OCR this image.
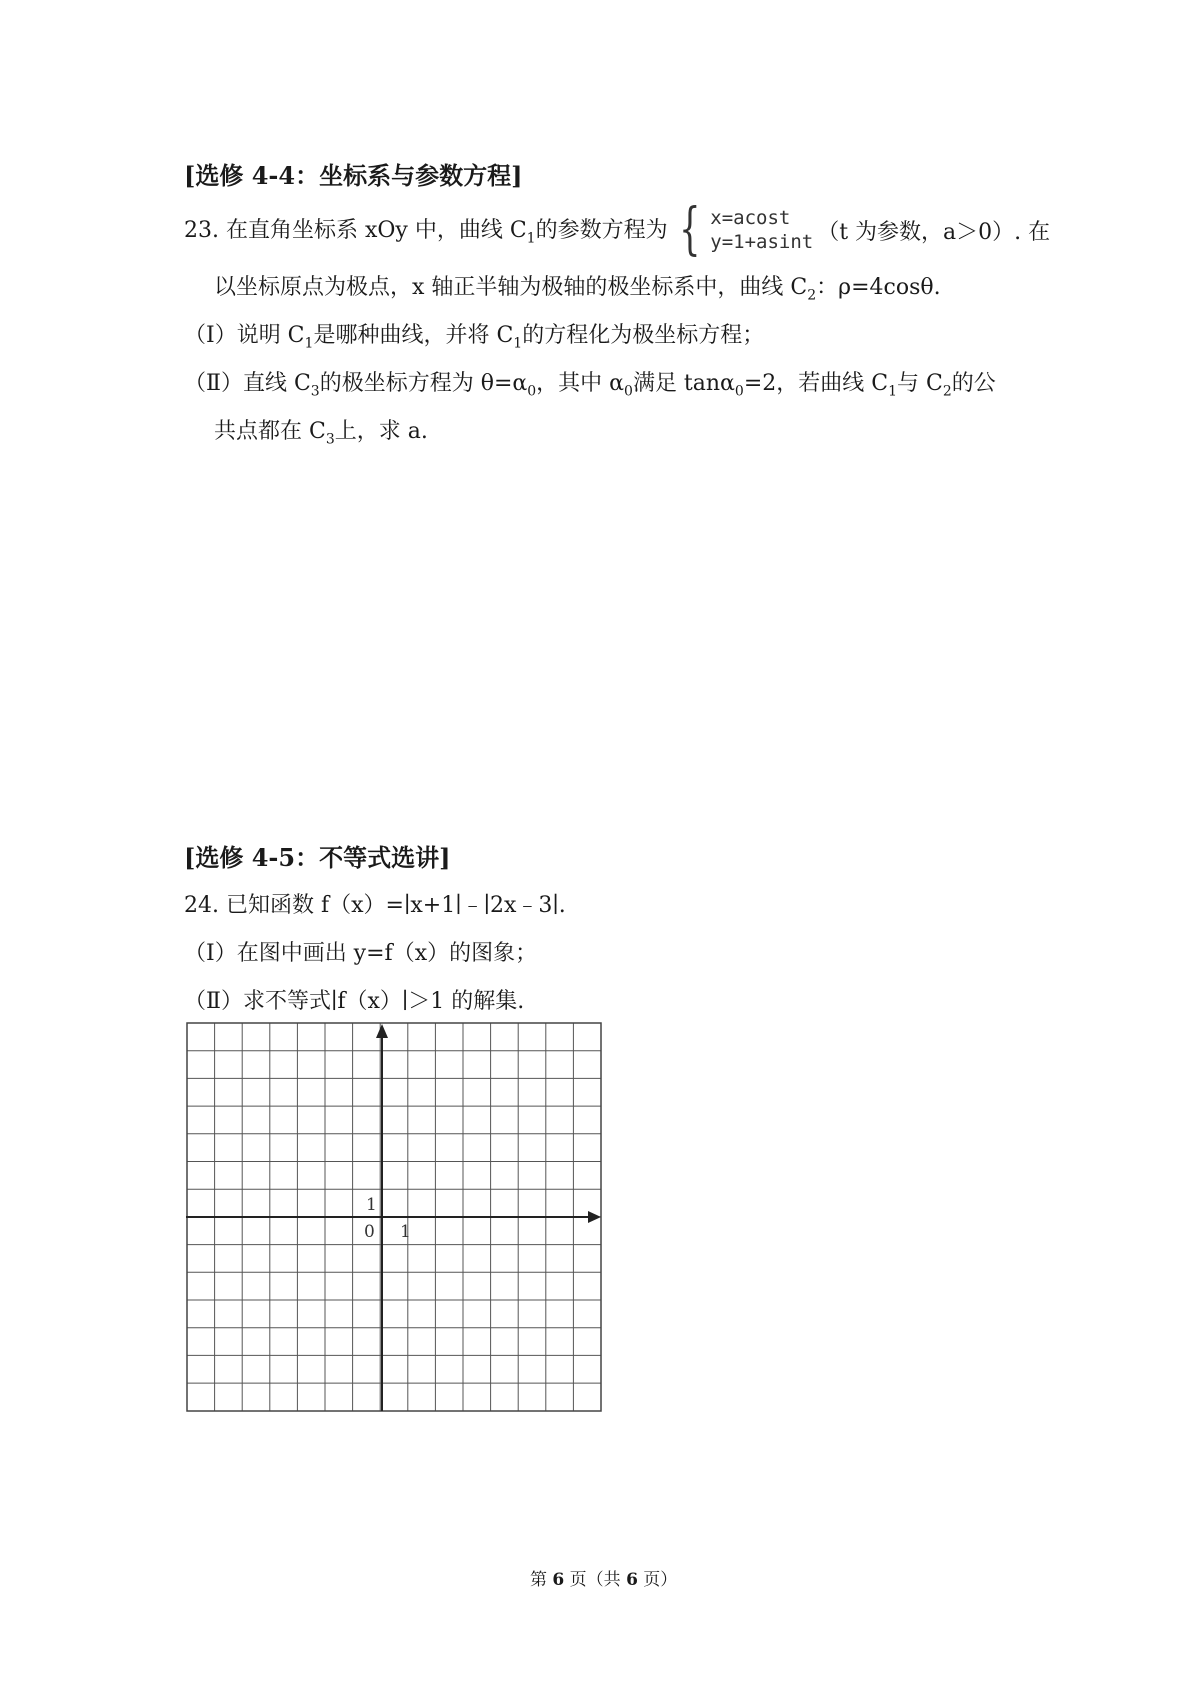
[选修 4-4：坐标系与参数方程]
23. 在直角坐标系 xOy 中，曲线 $C_1$的参数方程为 { x=acost
y=1+asint （t 为参数，a＞0）. 在
以坐标原点为极点，x 轴正半轴为极轴的极坐标系中，曲线 $C_2$：ρ=4cosθ.
（Ⅰ）说明 $C_1$是哪种曲线，并将 $C_1$的方程化为极坐标方程；
（Ⅱ）直线 $C_3$的极坐标方程为 $\theta=\alpha_0$，其中 $\alpha_0$满足 tanα$_0$=2，若曲线 $C_1$与 $C_2$的公
共点都在 $C_3$上，求 a.
[选修 4-5：不等式选讲]
24. 已知函数 f（x）=∣x+1∣﹣∣2x﹣3∣.
（Ⅰ）在图中画出 y=f（x）的图象；
（Ⅱ）求不等式∣f（x）∣＞1 的解集.
0 1
1
第 6 页（共 6 页）
